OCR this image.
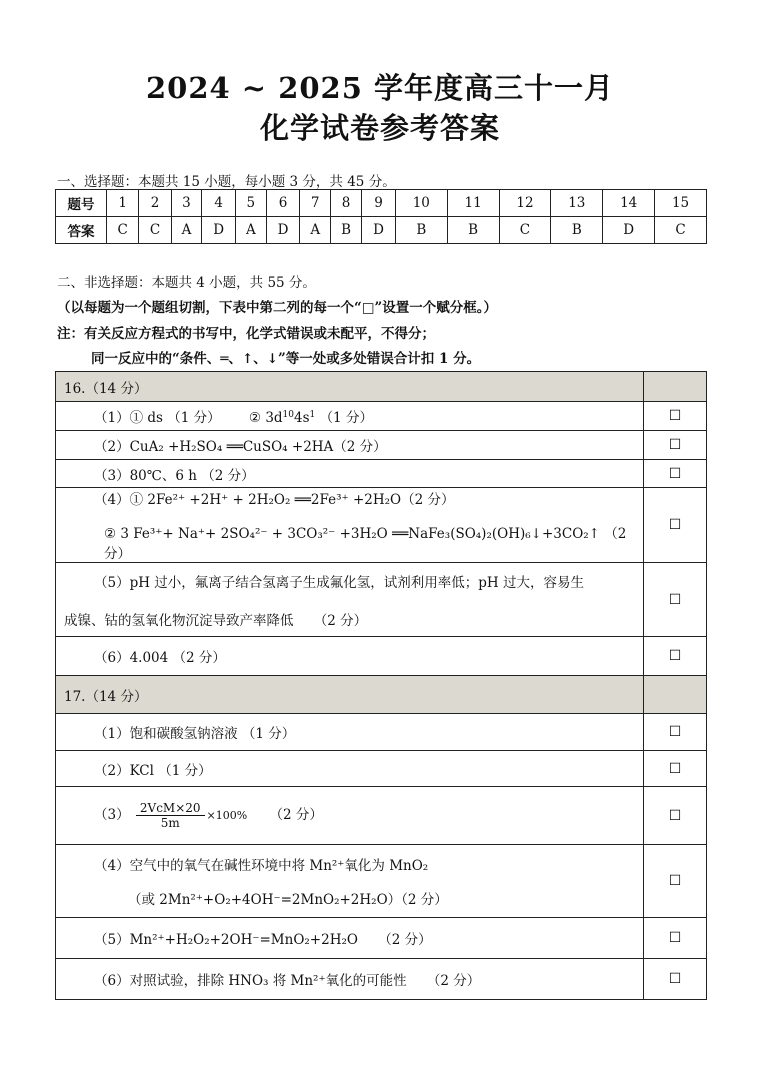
2024 ~ 2025 学年度高三十一月
化学试卷参考答案
一、选择题：本题共 15 小题，每小题 3 分，共 45 分。
题号	1	2	3	4	5	6	7	8	9	10	11	12	13	14	15
答案	C	C	A	D	A	D	A	B	D	B	B	C	B	D	C
二、非选择题：本题共 4 小题，共 55 分。
（以每题为一个题组切割，下表中第二列的每一个“□”设置一个赋分框。）
注：有关反应方程式的书写中，化学式错误或未配平，不得分；
同一反应中的“条件、═、↑、↓”等一处或多处错误合计扣 1 分。
16.（14 分）	

（1）① ds （1 分） ② $3d^{10}4s^1$ （1 分）	☐

（2）CuA₂ +H₂SO₄ ══CuSO₄ +2HA（2 分）	☐

（3）80℃、6 h （2 分）	☐

（4）① 2Fe²⁺ +2H⁺ + 2H₂O₂ ══2Fe³⁺ +2H₂O（2 分）
② 3 Fe³⁺+ Na⁺+ 2SO₄²⁻ + 3CO₃²⁻ +3H₂O ══NaFe₃(SO₄)₂(OH)₆↓+3CO₂↑ （2 分）	☐

（5）pH 过小，氟离子结合氢离子生成氟化氢，试剂利用率低；pH 过大，容易生
成镍、钴的氢氧化物沉淀导致产率降低　　（2 分）	☐

（6）4.004 （2 分）	☐
17.（14 分）	

（1）饱和碳酸氢钠溶液 （1 分）	☐

（2）KCl （1 分）	☐

$(3) \frac{\text{2VcM×20}}{5m} \times 100\%$ （2 分）	☐

（4）空气中的氧气在碱性环境中将 Mn²⁺氧化为 MnO₂
（或 2Mn²⁺+O₂+4OH⁻=2MnO₂+2H₂O）（2 分）	☐

（5）Mn²⁺+H₂O₂+2OH⁻=MnO₂+2H₂O　　（2 分）	☐

（6）对照试验，排除 HNO₃ 将 Mn²⁺氧化的可能性　　（2 分）	☐
